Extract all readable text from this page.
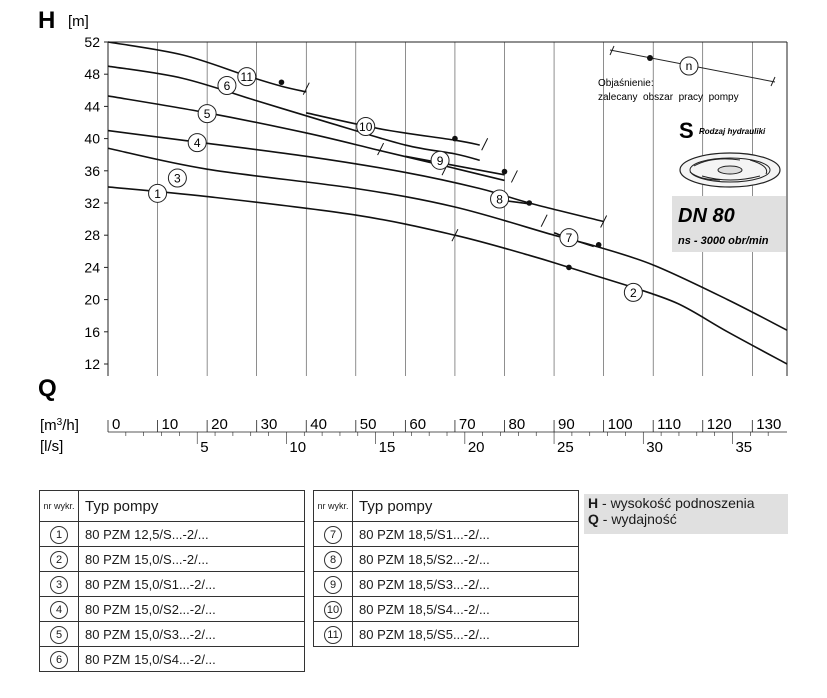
12
16
20
24
28
32
36
40
44
48
52
H [m]
Q
$[m^3/h]$ 0	10 20 30 40 50 60 70 80 90 100 110 120 130
[l/s]	5	10	15	20	25	30	35
1
2
3
4
5
6
7
8
9
10
11
n
Objaśnienie:
zalecany  obszar  pracy  pompy
S Rodzaj hydrauliki
DN 80
ns - 3000 obr/min
nr wykr.	Typ pompy
1	80 PZM 12,5/S...-2/...
2	80 PZM 15,0/S...-2/...
3	80 PZM 15,0/S1...-2/...
4	80 PZM 15,0/S2...-2/...
5	80 PZM 15,0/S3...-2/...
6	80 PZM 15,0/S4...-2/...
nr wykr.	Typ pompy
7	80 PZM 18,5/S1...-2/...
8	80 PZM 18,5/S2...-2/...
9	80 PZM 18,5/S3...-2/...
10	80 PZM 18,5/S4...-2/...
11	80 PZM 18,5/S5...-2/...
H - wysokość podnoszenia
Q - wydajność
